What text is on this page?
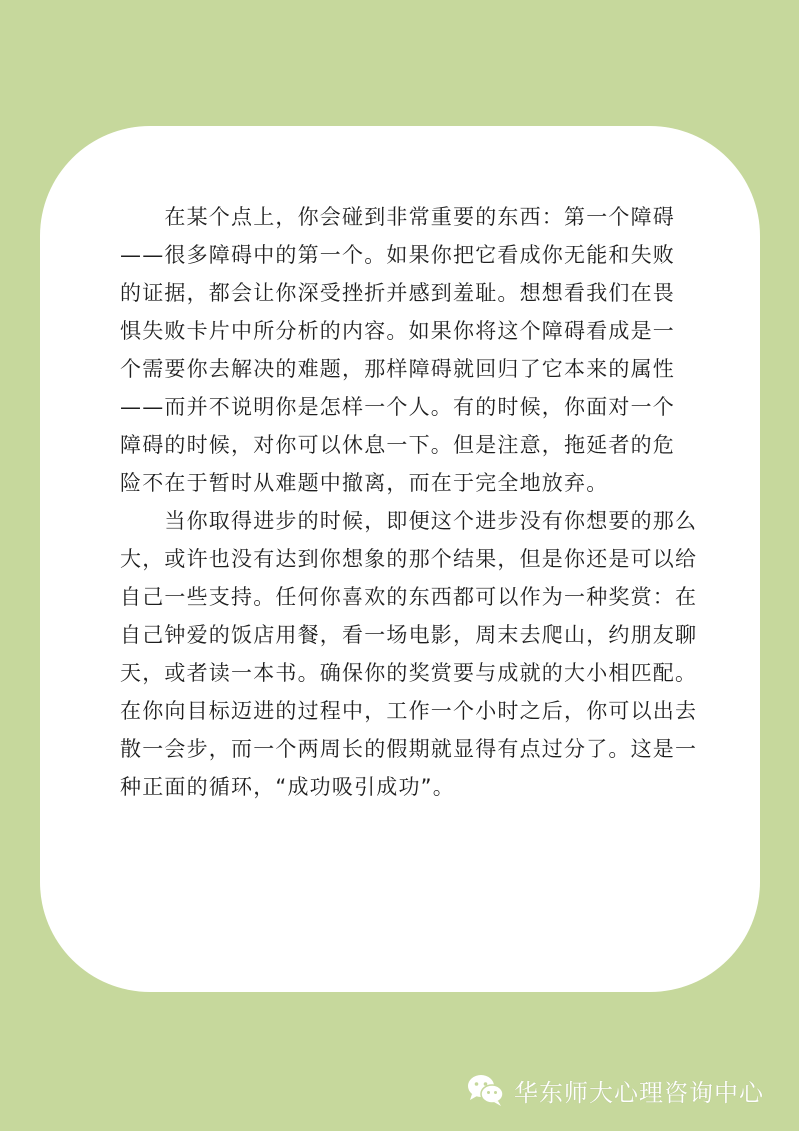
　　在某个点上，你会碰到非常重要的东西：第一个障碍
——很多障碍中的第一个。如果你把它看成你无能和失败
的证据，都会让你深受挫折并感到羞耻。想想看我们在畏
惧失败卡片中所分析的内容。如果你将这个障碍看成是一
个需要你去解决的难题，那样障碍就回归了它本来的属性
——而并不说明你是怎样一个人。有的时候，你面对一个
障碍的时候，对你可以休息一下。但是注意，拖延者的危
险不在于暂时从难题中撤离，而在于完全地放弃。
　　当你取得进步的时候，即便这个进步没有你想要的那么
大，或许也没有达到你想象的那个结果，但是你还是可以给
自己一些支持。任何你喜欢的东西都可以作为一种奖赏：在
自己钟爱的饭店用餐，看一场电影，周末去爬山，约朋友聊
天，或者读一本书。确保你的奖赏要与成就的大小相匹配。
在你向目标迈进的过程中，工作一个小时之后，你可以出去
散一会步，而一个两周长的假期就显得有点过分了。这是一
种正面的循环，“成功吸引成功”。
华东师大心理咨询中心
